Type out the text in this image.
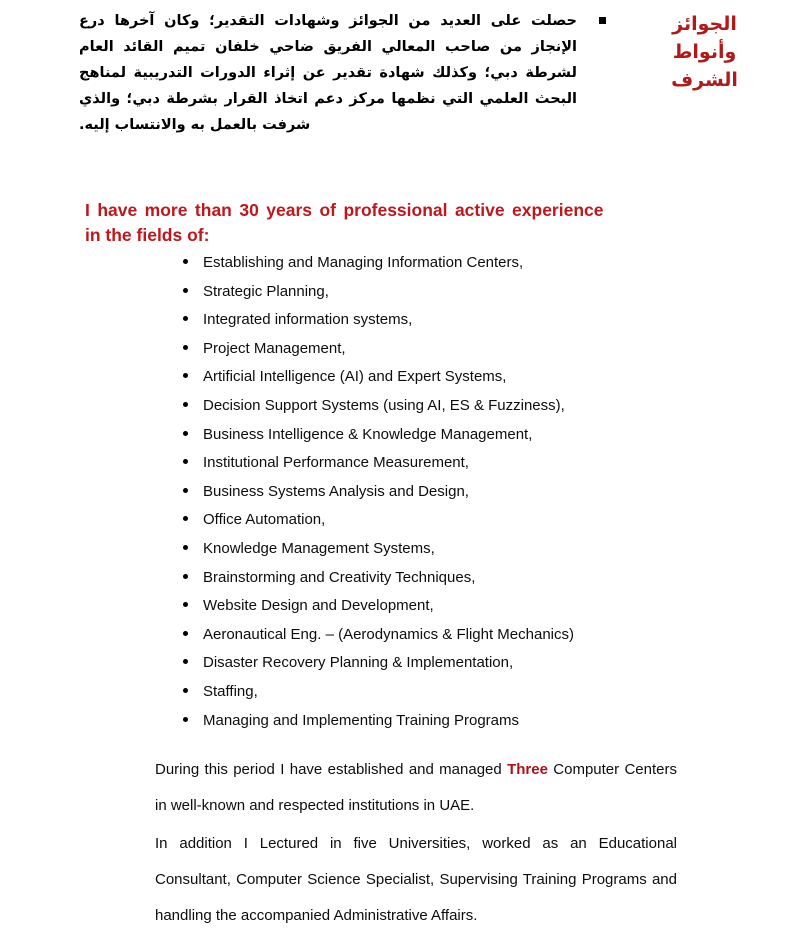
حصلت على العديد من الجوائز وشهادات التقدير؛ وكان آخرها درع الإنجاز من صاحب المعالي الفريق ضاحي خلفان تميم القائد العام لشرطة دبي؛ وكذلك شهادة تقدير عن إثراء الدورات التدريبية لمناهج البحث العلمي التي نظمها مركز دعم اتخاذ القرار بشرطة دبي؛ والذي شرفت بالعمل به والانتساب إليه.
الجوائز
وأنواط
الشرف
I have more than 30 years of professional active experience
in the fields of:
Establishing and Managing Information Centers,
Strategic Planning,
Integrated information systems,
Project Management,
Artificial Intelligence (AI) and Expert Systems,
Decision Support Systems (using AI, ES & Fuzziness),
Business Intelligence & Knowledge Management,
Institutional Performance Measurement,
Business Systems Analysis and Design,
Office Automation,
Knowledge Management Systems,
Brainstorming and Creativity Techniques,
Website Design and Development,
Aeronautical Eng. – (Aerodynamics & Flight Mechanics)
Disaster Recovery Planning & Implementation,
Staffing,
Managing and Implementing Training Programs
During this period I have established and managed Three Computer Centers in well-known and respected institutions in UAE.
In addition I Lectured in five Universities, worked as an Educational Consultant, Computer Science Specialist, Supervising Training Programs and handling the accompanied Administrative Affairs.
